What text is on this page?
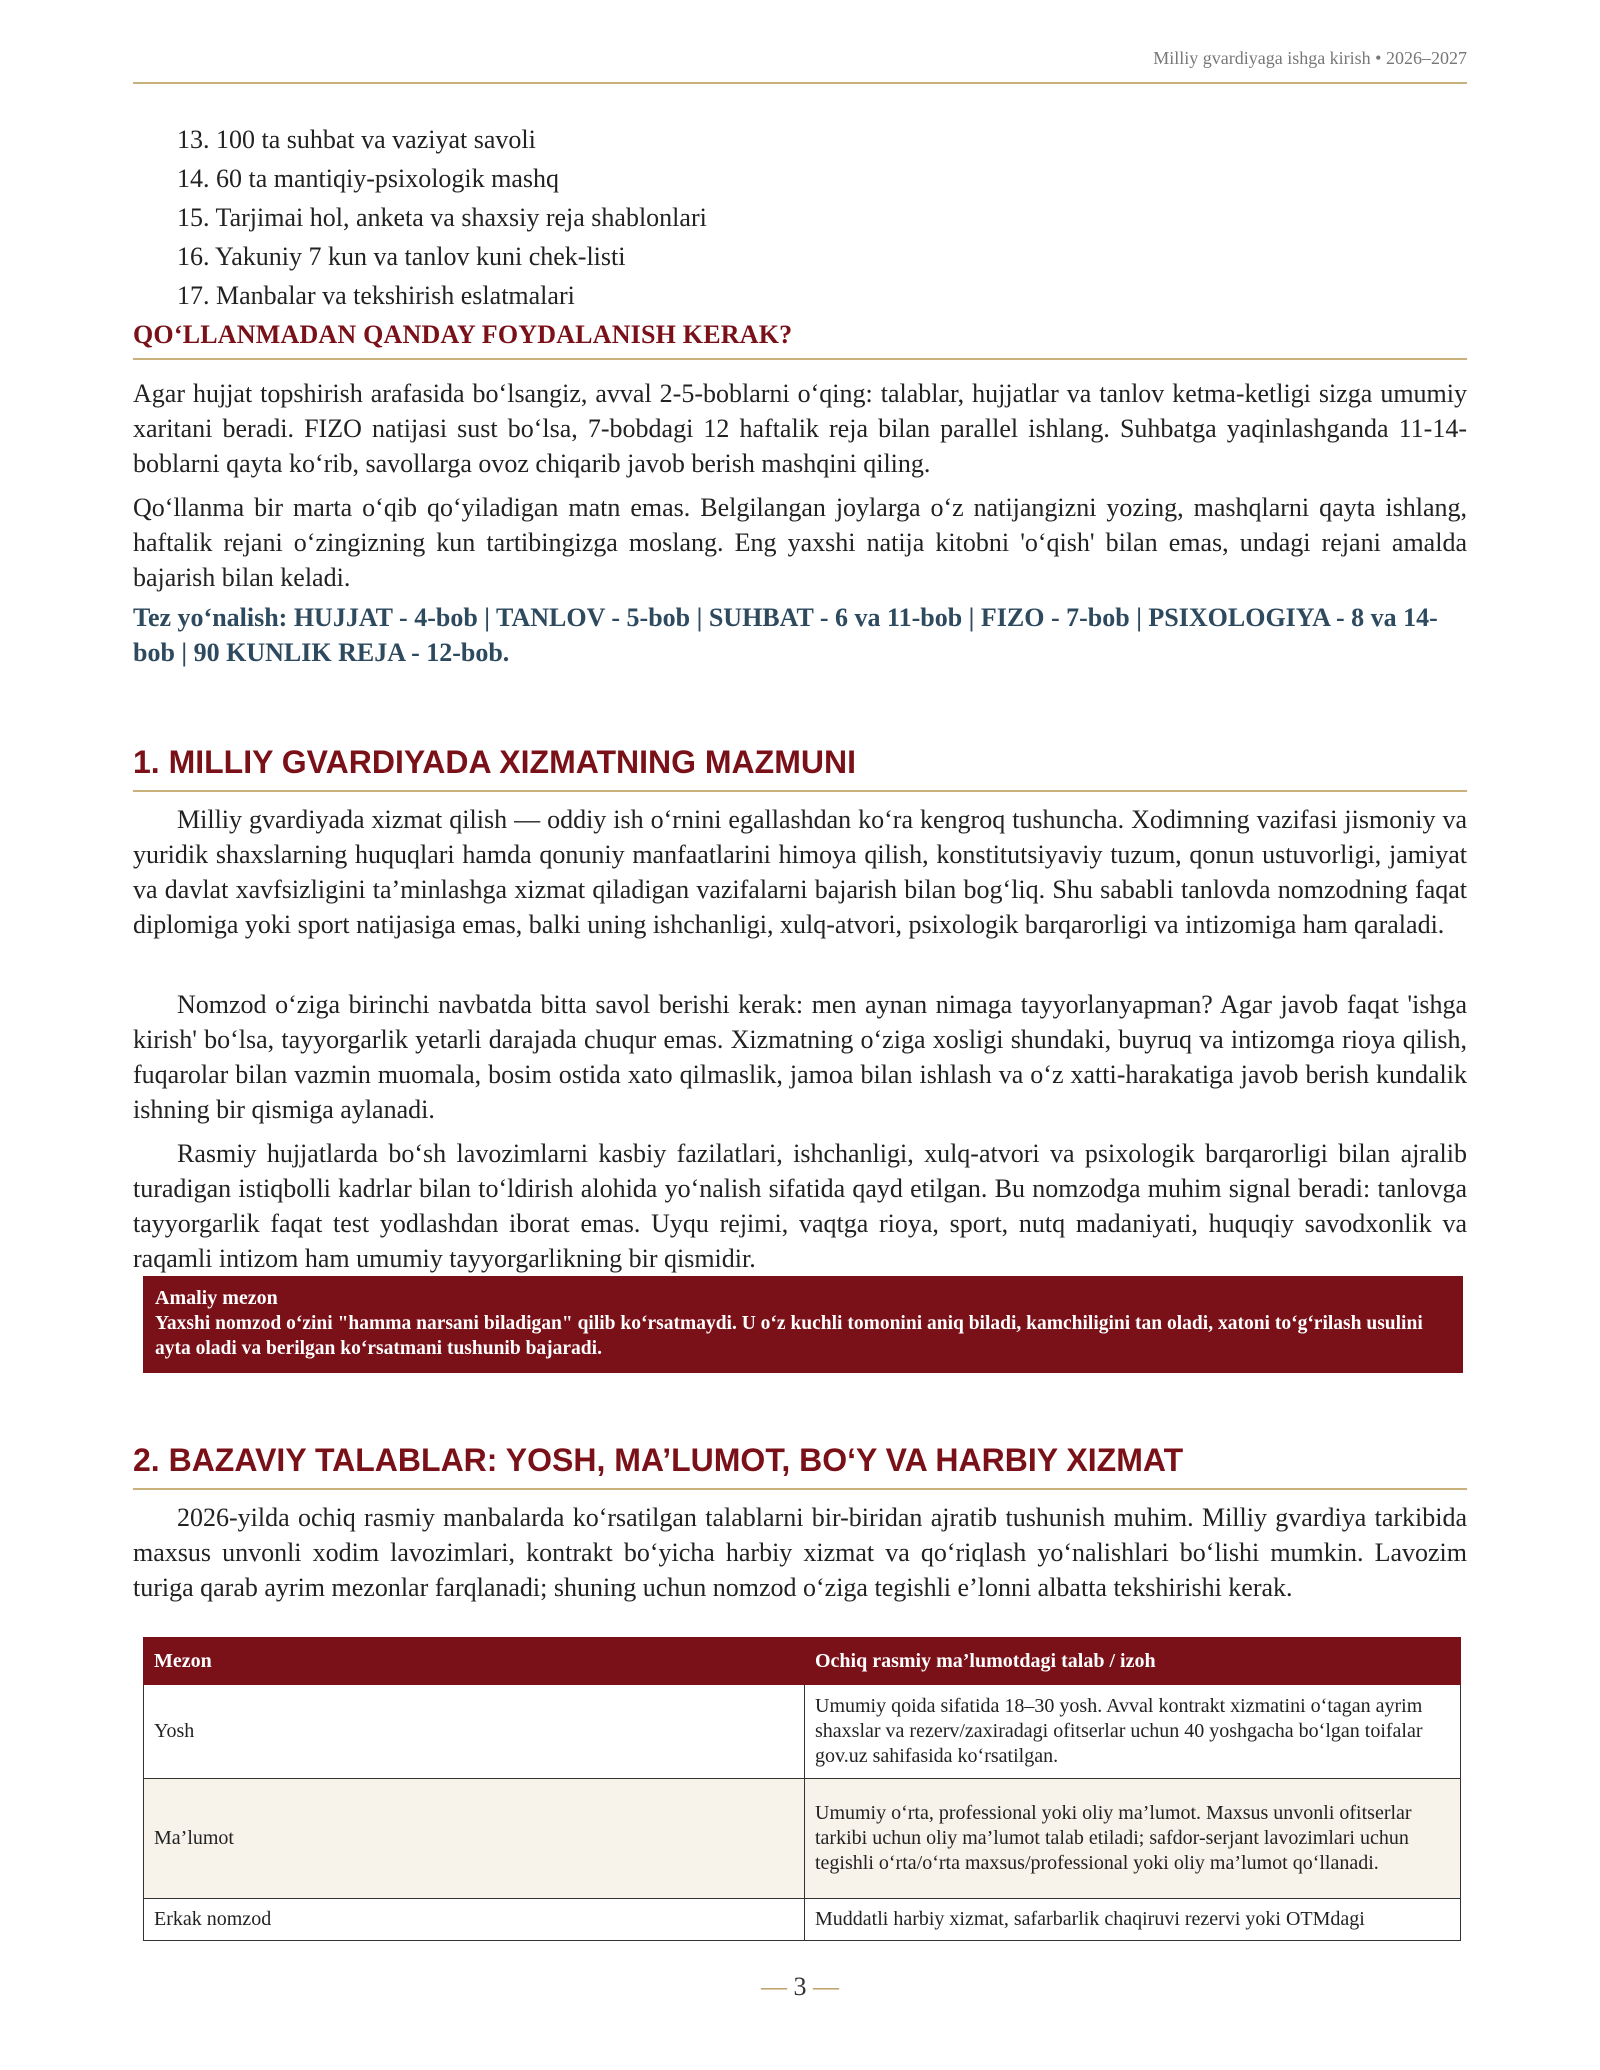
Milliy gvardiyaga ishga kirish • 2026–2027
13. 100 ta suhbat va vaziyat savoli
14. 60 ta mantiqiy-psixologik mashq
15. Tarjimai hol, anketa va shaxsiy reja shablonlari
16. Yakuniy 7 kun va tanlov kuni chek-listi
17. Manbalar va tekshirish eslatmalari
QO‘LLANMADAN QANDAY FOYDALANISH KERAK?

Agar hujjat topshirish arafasida bo‘lsangiz, avval 2-5-boblarni o‘qing: talablar, hujjatlar va tanlov ketma-ketligi sizga umumiy xaritani beradi. FIZO natijasi sust bo‘lsa, 7-bobdagi 12 haftalik reja bilan parallel ishlang. Suhbatga yaqinlashganda 11-14-boblarni qayta ko‘rib, savollarga ovoz chiqarib javob berish mashqini qiling.

Qo‘llanma bir marta o‘qib qo‘yiladigan matn emas. Belgilangan joylarga o‘z natijangizni yozing, mashqlarni qayta ishlang, haftalik rejani o‘zingizning kun tartibingizga moslang. Eng yaxshi natija kitobni 'o‘qish' bilan emas, undagi rejani amalda bajarish bilan keladi.

Tez yo‘nalish: HUJJAT - 4-bob | TANLOV - 5-bob | SUHBAT - 6 va 11-bob | FIZO - 7-bob | PSIXOLOGIYA - 8 va 14-bob | 90 KUNLIK REJA - 12-bob.

1. MILLIY GVARDIYADA XIZMATNING MAZMUNI

Milliy gvardiyada xizmat qilish — oddiy ish o‘rnini egallashdan ko‘ra kengroq tushuncha. Xodimning vazifasi jismoniy va yuridik shaxslarning huquqlari hamda qonuniy manfaatlarini himoya qilish, konstitutsiyaviy tuzum, qonun ustuvorligi, jamiyat va davlat xavfsizligini ta’minlashga xizmat qiladigan vazifalarni bajarish bilan bog‘liq. Shu sababli tanlovda nomzodning faqat diplomiga yoki sport natijasiga emas, balki uning ishchanligi, xulq-atvori, psixologik barqarorligi va intizomiga ham qaraladi.

Nomzod o‘ziga birinchi navbatda bitta savol berishi kerak: men aynan nimaga tayyorlanyapman? Agar javob faqat 'ishga kirish' bo‘lsa, tayyorgarlik yetarli darajada chuqur emas. Xizmatning o‘ziga xosligi shundaki, buyruq va intizomga rioya qilish, fuqarolar bilan vazmin muomala, bosim ostida xato qilmaslik, jamoa bilan ishlash va o‘z xatti-harakatiga javob berish kundalik ishning bir qismiga aylanadi.

Rasmiy hujjatlarda bo‘sh lavozimlarni kasbiy fazilatlari, ishchanligi, xulq-atvori va psixologik barqarorligi bilan ajralib turadigan istiqbolli kadrlar bilan to‘ldirish alohida yo‘nalish sifatida qayd etilgan. Bu nomzodga muhim signal beradi: tanlovga tayyorgarlik faqat test yodlashdan iborat emas. Uyqu rejimi, vaqtga rioya, sport, nutq madaniyati, huquqiy savodxonlik va raqamli intizom ham umumiy tayyorgarlikning bir qismidir.

Amaliy mezon
Yaxshi nomzod o‘zini "hamma narsani biladigan" qilib ko‘rsatmaydi. U o‘z kuchli tomonini aniq biladi, kamchiligini tan oladi, xatoni to‘g‘rilash usulini ayta oladi va berilgan ko‘rsatmani tushunib bajaradi.
2. BAZAVIY TALABLAR: YOSH, MA’LUMOT, BO‘Y VA HARBIY XIZMAT

2026-yilda ochiq rasmiy manbalarda ko‘rsatilgan talablarni bir-biridan ajratib tushunish muhim. Milliy gvardiya tarkibida maxsus unvonli xodim lavozimlari, kontrakt bo‘yicha harbiy xizmat va qo‘riqlash yo‘nalishlari bo‘lishi mumkin. Lavozim turiga qarab ayrim mezonlar farqlanadi; shuning uchun nomzod o‘ziga tegishli e’lonni albatta tekshirishi kerak.

Mezon	Ochiq rasmiy ma’lumotdagi talab / izoh
Yosh	Umumiy qoida sifatida 18–30 yosh. Avval kontrakt xizmatini o‘tagan ayrim shaxslar va rezerv/zaxiradagi ofitserlar uchun 40 yoshgacha bo‘lgan toifalar gov.uz sahifasida ko‘rsatilgan.
Ma’lumot	Umumiy o‘rta, professional yoki oliy ma’lumot. Maxsus unvonli ofitserlar tarkibi uchun oliy ma’lumot talab etiladi; safdor-serjant lavozimlari uchun tegishli o‘rta/o‘rta maxsus/professional yoki oliy ma’lumot qo‘llanadi.
Erkak nomzod	Muddatli harbiy xizmat, safarbarlik chaqiruvi rezervi yoki OTMdagi
— 3 —
